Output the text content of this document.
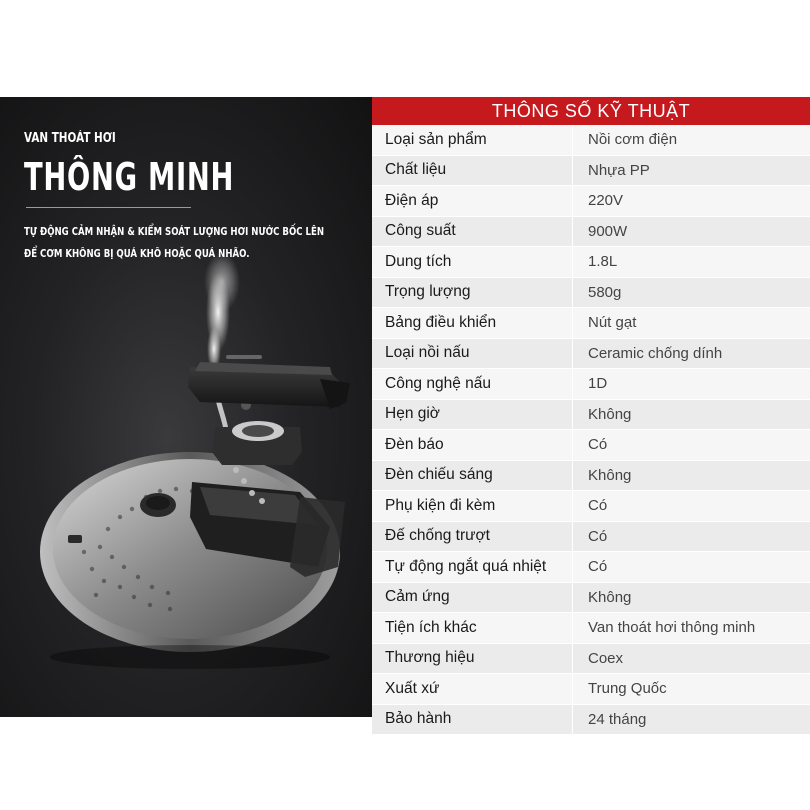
VAN THOÁT HƠI
THÔNG MINH
TỰ ĐỘNG CẢM NHẬN & KIỂM SOÁT LƯỢNG HƠI NƯỚC BỐC LÊN
ĐỂ CƠM KHÔNG BỊ QUÁ KHÔ HOẶC QUÁ NHÃO.
THÔNG SỐ KỸ THUẬT
Loại sản phẩm	Nồi cơm điện
Chất liệu	Nhựa PP
Điện áp	220V
Công suất	900W
Dung tích	1.8L
Trọng lượng	580g
Bảng điều khiển	Nút gạt
Loại nồi nấu	Ceramic chống dính
Công nghệ nấu	1D
Hẹn giờ	Không
Đèn báo	Có
Đèn chiếu sáng	Không
Phụ kiện đi kèm	Có
Đế chống trượt	Có
Tự động ngắt quá nhiệt	Có
Cảm ứng	Không
Tiện ích khác	Van thoát hơi thông minh
Thương hiệu	Coex
Xuất xứ	Trung Quốc
Bảo hành	24 tháng
